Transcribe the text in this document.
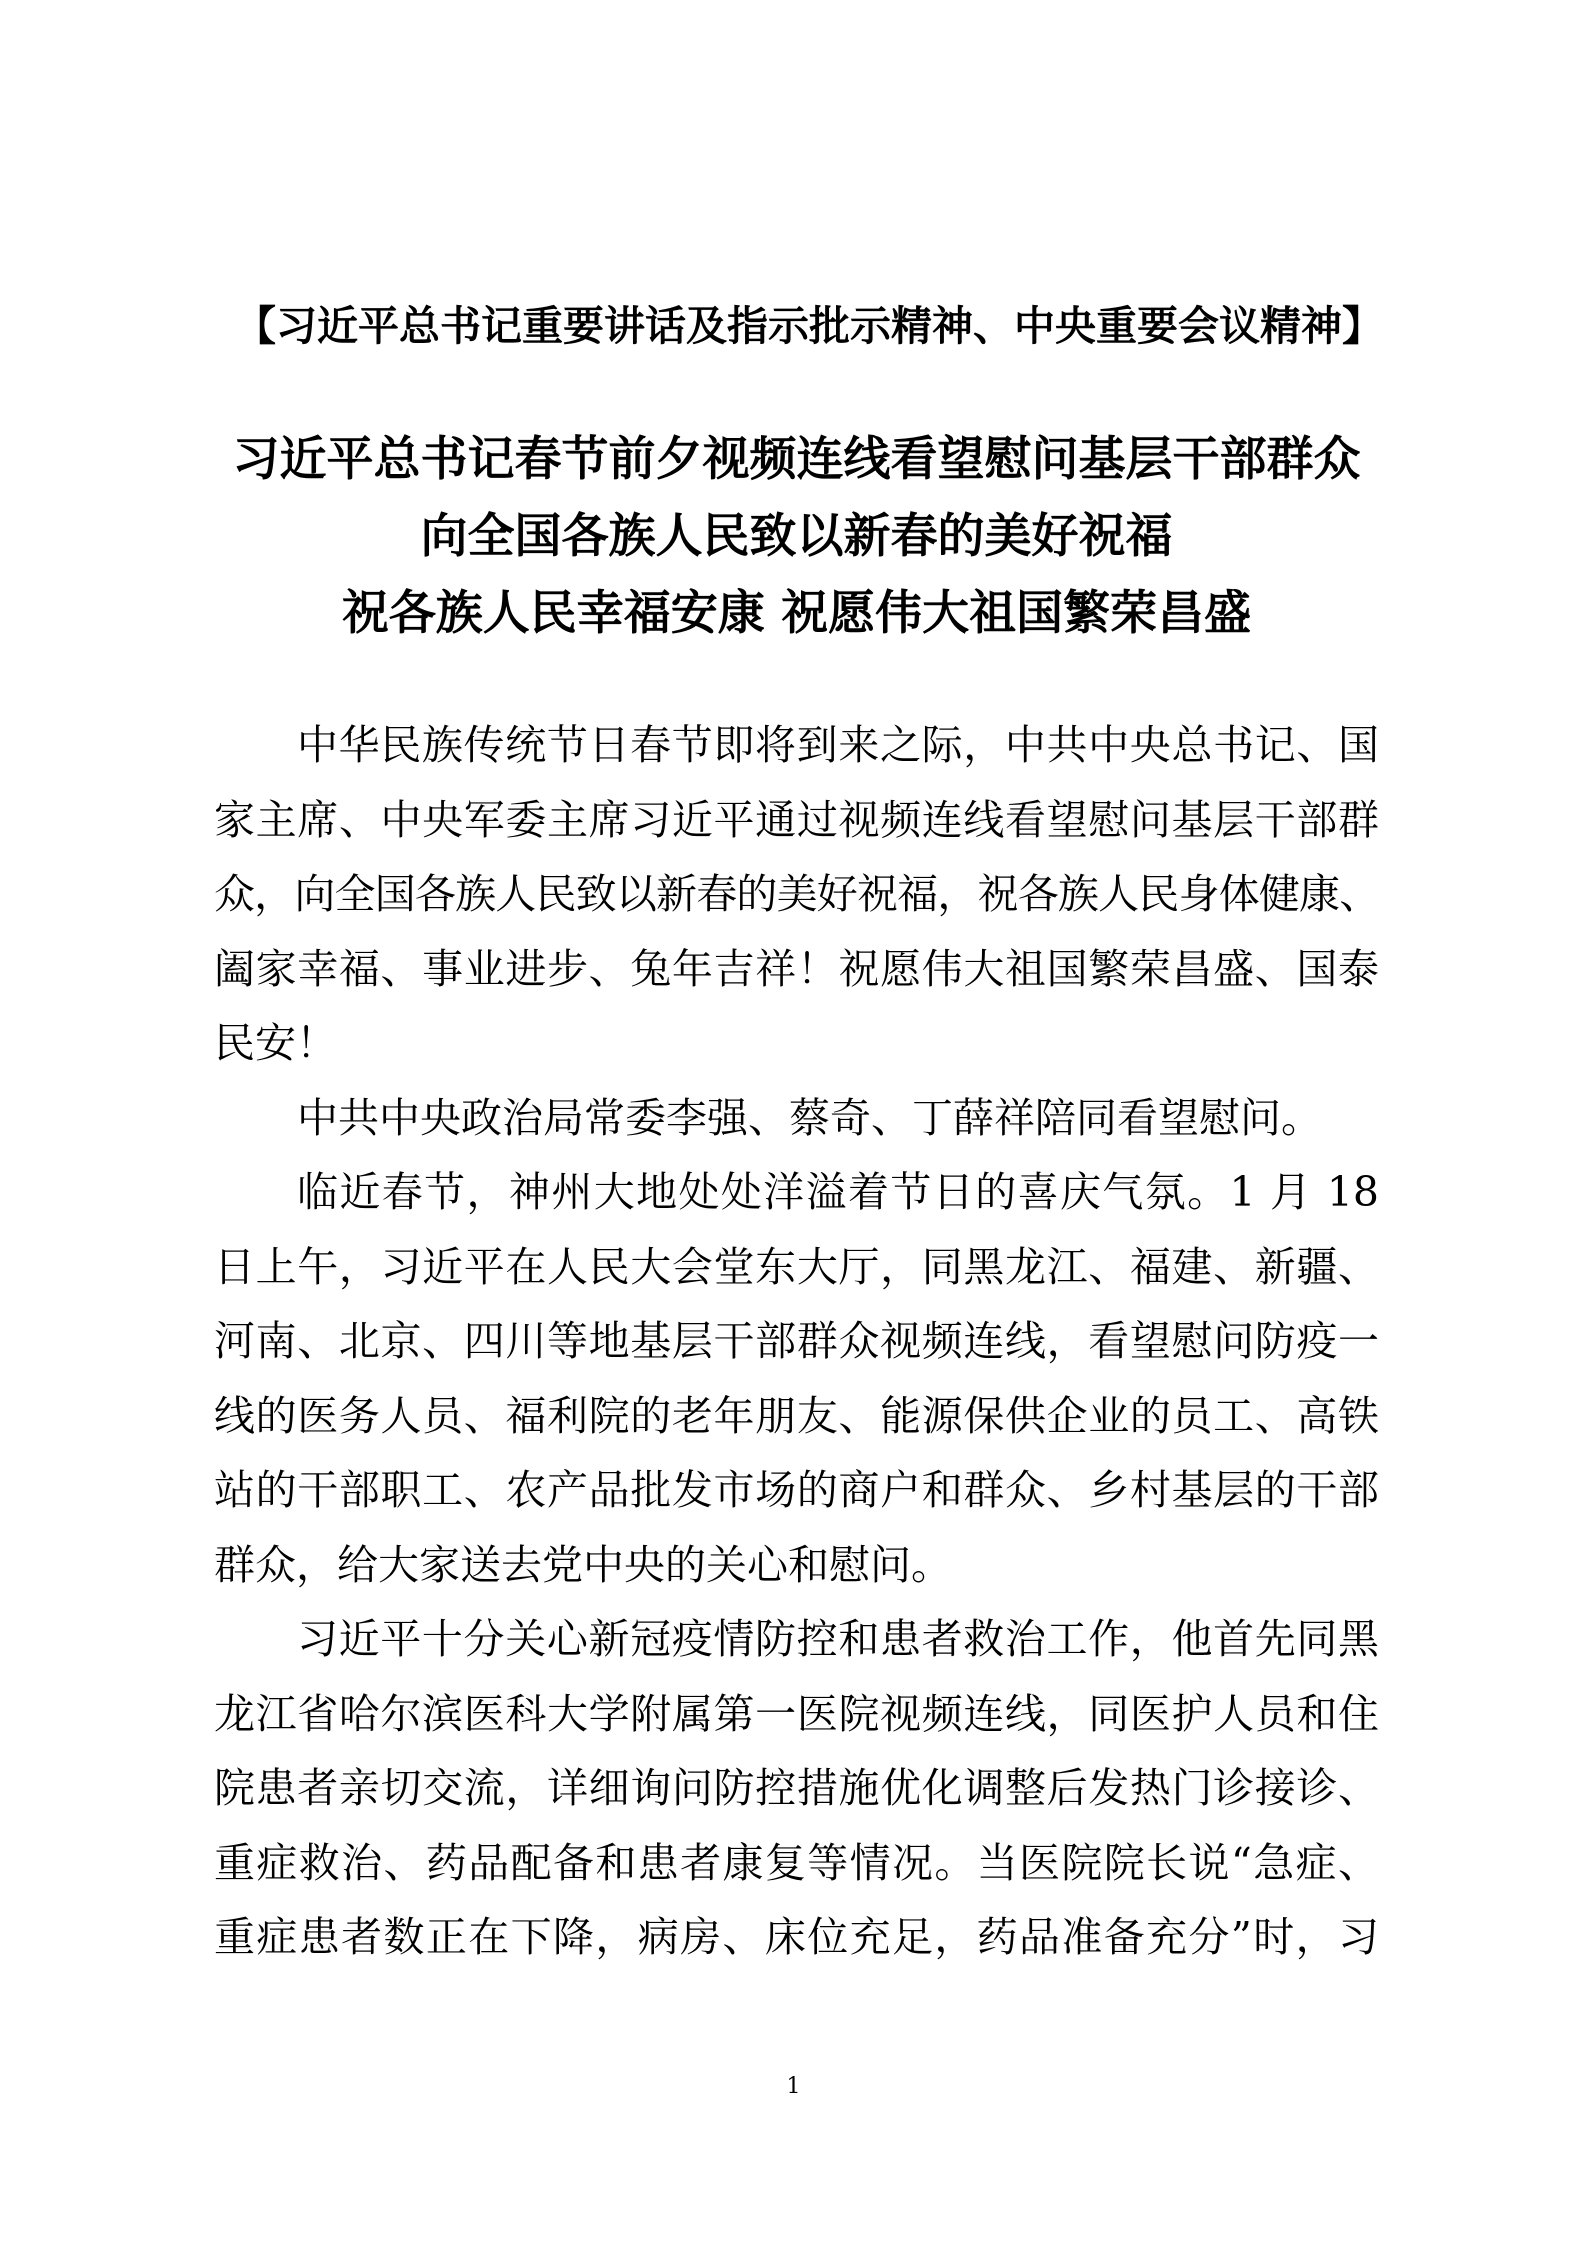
【习近平总书记重要讲话及指示批示精神、中央重要会议精神】
习近平总书记春节前夕视频连线看望慰问基层干部群众
向全国各族人民致以新春的美好祝福
祝各族人民幸福安康 祝愿伟大祖国繁荣昌盛
中华民族传统节日春节即将到来之际，中共中央总书记、国
家主席、中央军委主席习近平通过视频连线看望慰问基层干部群
众，向全国各族人民致以新春的美好祝福，祝各族人民身体健康、
阖家幸福、事业进步、兔年吉祥！祝愿伟大祖国繁荣昌盛、国泰
民安！
中共中央政治局常委李强、蔡奇、丁薛祥陪同看望慰问。
临近春节，神州大地处处洋溢着节日的喜庆气氛。1 月 18
日上午，习近平在人民大会堂东大厅，同黑龙江、福建、新疆、
河南、北京、四川等地基层干部群众视频连线，看望慰问防疫一
线的医务人员、福利院的老年朋友、能源保供企业的员工、高铁
站的干部职工、农产品批发市场的商户和群众、乡村基层的干部
群众，给大家送去党中央的关心和慰问。
习近平十分关心新冠疫情防控和患者救治工作，他首先同黑
龙江省哈尔滨医科大学附属第一医院视频连线，同医护人员和住
院患者亲切交流，详细询问防控措施优化调整后发热门诊接诊、
重症救治、药品配备和患者康复等情况。当医院院长说“急症、
重症患者数正在下降，病房、床位充足，药品准备充分”时，习
1
